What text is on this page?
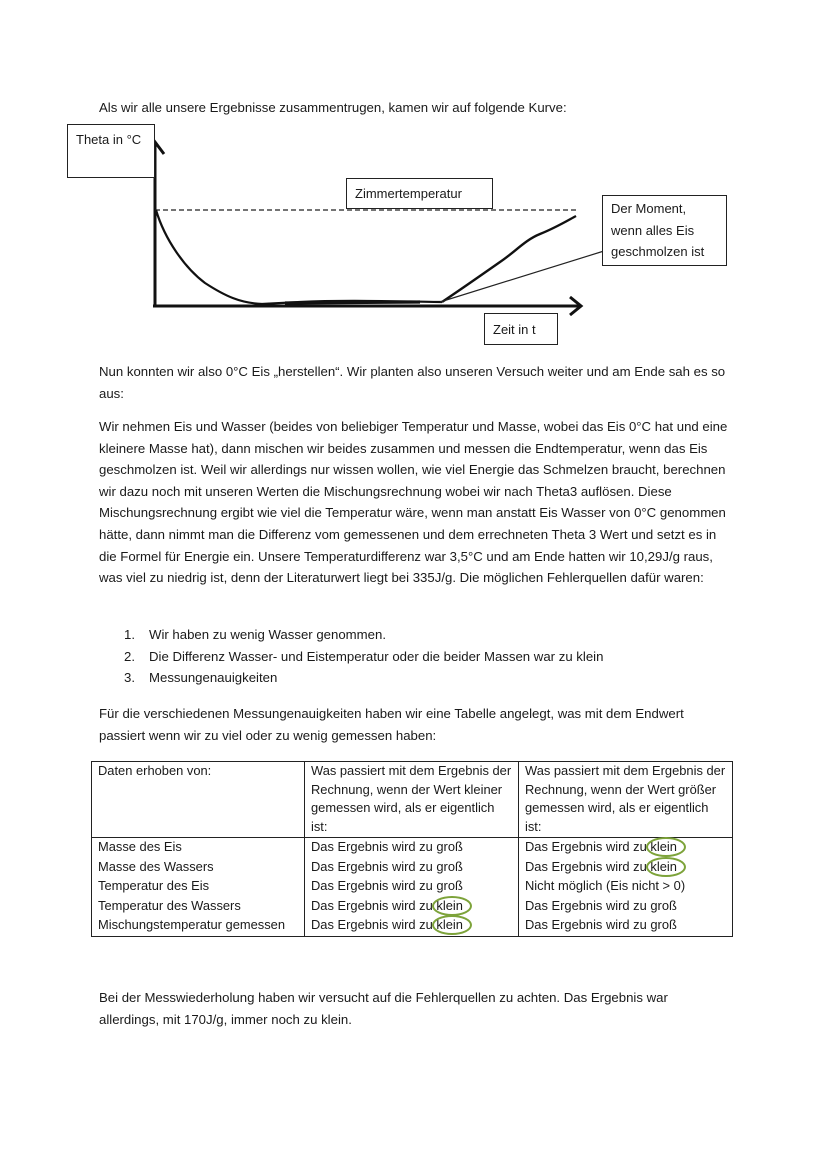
Als wir alle unsere Ergebnisse zusammentrugen, kamen wir auf folgende Kurve:

Theta in °C
Zimmertemperatur
Der Moment,
wenn alles Eis
geschmolzen ist
Zeit in t

Nun konnten wir also 0°C Eis „herstellen“. Wir planten also unseren Versuch weiter und am Ende sah es so aus:

Wir nehmen Eis und Wasser (beides von beliebiger Temperatur und Masse, wobei das Eis 0°C hat und eine kleinere Masse hat), dann mischen wir beides zusammen und messen die Endtemperatur, wenn das Eis geschmolzen ist. Weil wir allerdings nur wissen wollen, wie viel Energie das Schmelzen braucht, berechnen wir dazu noch mit unseren Werten die Mischungsrechnung wobei wir nach Theta3 auflösen. Diese Mischungsrechnung ergibt wie viel die Temperatur wäre, wenn man anstatt Eis Wasser von 0°C genommen hätte, dann nimmt man die Differenz vom gemessenen und dem errechneten Theta 3 Wert und setzt es in die Formel für Energie ein. Unsere Temperaturdifferenz war 3,5°C und am Ende hatten wir 10,29J/g raus, was viel zu niedrig ist, denn der Literaturwert liegt bei 335J/g. Die möglichen Fehlerquellen dafür waren:

1. Wir haben zu wenig Wasser genommen.
2. Die Differenz Wasser- und Eistemperatur oder die beider Massen war zu klein
3. Messungenauigkeiten

Für die verschiedenen Messungenauigkeiten haben wir eine Tabelle angelegt, was mit dem Endwert passiert wenn wir zu viel oder zu wenig gemessen haben:

Daten erhoben von:	Was passiert mit dem Ergebnis der Rechnung, wenn der Wert kleiner gemessen wird, als er eigentlich ist:	Was passiert mit dem Ergebnis der Rechnung, wenn der Wert größer gemessen wird, als er eigentlich ist:
Masse des Eis	Das Ergebnis wird zu groß	Das Ergebnis wird zu klein

Masse des Wassers	Das Ergebnis wird zu groß	Das Ergebnis wird zu klein

Temperatur des Eis	Das Ergebnis wird zu groß	Nicht möglich (Eis nicht > 0)
Temperatur des Wassers	Das Ergebnis wird zu klein	Das Ergebnis wird zu groß
Mischungstemperatur gemessen	Das Ergebnis wird zu klein	Das Ergebnis wird zu groß

Bei der Messwiederholung haben wir versucht auf die Fehlerquellen zu achten. Das Ergebnis war allerdings, mit 170J/g, immer noch zu klein.
